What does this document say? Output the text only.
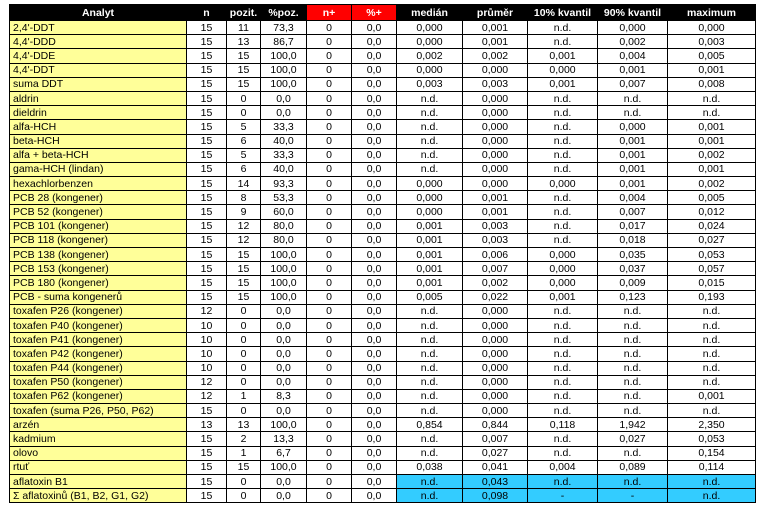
Analyt	n	pozit.	%poz.	n+	%+	medián	průměr	10% kvantil	90% kvantil	maximum
2,4'-DDT	15	11	73,3	0	0,0	0,000	0,001	n.d.	0,000	0,000
4,4'-DDD	15	13	86,7	0	0,0	0,000	0,001	n.d.	0,002	0,003
4,4'-DDE	15	15	100,0	0	0,0	0,002	0,002	0,001	0,004	0,005
4,4'-DDT	15	15	100,0	0	0,0	0,000	0,000	0,000	0,001	0,001
suma DDT	15	15	100,0	0	0,0	0,003	0,003	0,001	0,007	0,008
aldrin	15	0	0,0	0	0,0	n.d.	0,000	n.d.	n.d.	n.d.
dieldrin	15	0	0,0	0	0,0	n.d.	0,000	n.d.	n.d.	n.d.
alfa-HCH	15	5	33,3	0	0,0	n.d.	0,000	n.d.	0,000	0,001
beta-HCH	15	6	40,0	0	0,0	n.d.	0,000	n.d.	0,001	0,001
alfa + beta-HCH	15	5	33,3	0	0,0	n.d.	0,000	n.d.	0,001	0,002
gama-HCH (lindan)	15	6	40,0	0	0,0	n.d.	0,000	n.d.	0,001	0,001
hexachlorbenzen	15	14	93,3	0	0,0	0,000	0,000	0,000	0,001	0,002
PCB 28 (kongener)	15	8	53,3	0	0,0	0,000	0,001	n.d.	0,004	0,005
PCB 52 (kongener)	15	9	60,0	0	0,0	0,000	0,001	n.d.	0,007	0,012
PCB 101 (kongener)	15	12	80,0	0	0,0	0,001	0,003	n.d.	0,017	0,024
PCB 118 (kongener)	15	12	80,0	0	0,0	0,001	0,003	n.d.	0,018	0,027
PCB 138 (kongener)	15	15	100,0	0	0,0	0,001	0,006	0,000	0,035	0,053
PCB 153 (kongener)	15	15	100,0	0	0,0	0,001	0,007	0,000	0,037	0,057
PCB 180 (kongener)	15	15	100,0	0	0,0	0,001	0,002	0,000	0,009	0,015
PCB - suma kongenerů	15	15	100,0	0	0,0	0,005	0,022	0,001	0,123	0,193
toxafen P26 (kongener)	12	0	0,0	0	0,0	n.d.	0,000	n.d.	n.d.	n.d.
toxafen P40 (kongener)	10	0	0,0	0	0,0	n.d.	0,000	n.d.	n.d.	n.d.
toxafen P41 (kongener)	10	0	0,0	0	0,0	n.d.	0,000	n.d.	n.d.	n.d.
toxafen P42 (kongener)	10	0	0,0	0	0,0	n.d.	0,000	n.d.	n.d.	n.d.
toxafen P44 (kongener)	10	0	0,0	0	0,0	n.d.	0,000	n.d.	n.d.	n.d.
toxafen P50 (kongener)	12	0	0,0	0	0,0	n.d.	0,000	n.d.	n.d.	n.d.
toxafen P62 (kongener)	12	1	8,3	0	0,0	n.d.	0,000	n.d.	n.d.	0,001
toxafen (suma P26, P50, P62)	15	0	0,0	0	0,0	n.d.	0,000	n.d.	n.d.	n.d.
arzén	13	13	100,0	0	0,0	0,854	0,844	0,118	1,942	2,350
kadmium	15	2	13,3	0	0,0	n.d.	0,007	n.d.	0,027	0,053
olovo	15	1	6,7	0	0,0	n.d.	0,027	n.d.	n.d.	0,154
rtuť	15	15	100,0	0	0,0	0,038	0,041	0,004	0,089	0,114
aflatoxin B1	15	0	0,0	0	0,0	n.d.	0,043	n.d.	n.d.	n.d.
Σ aflatoxinů (B1, B2, G1, G2)	15	0	0,0	0	0,0	n.d.	0,098	-	-	n.d.
